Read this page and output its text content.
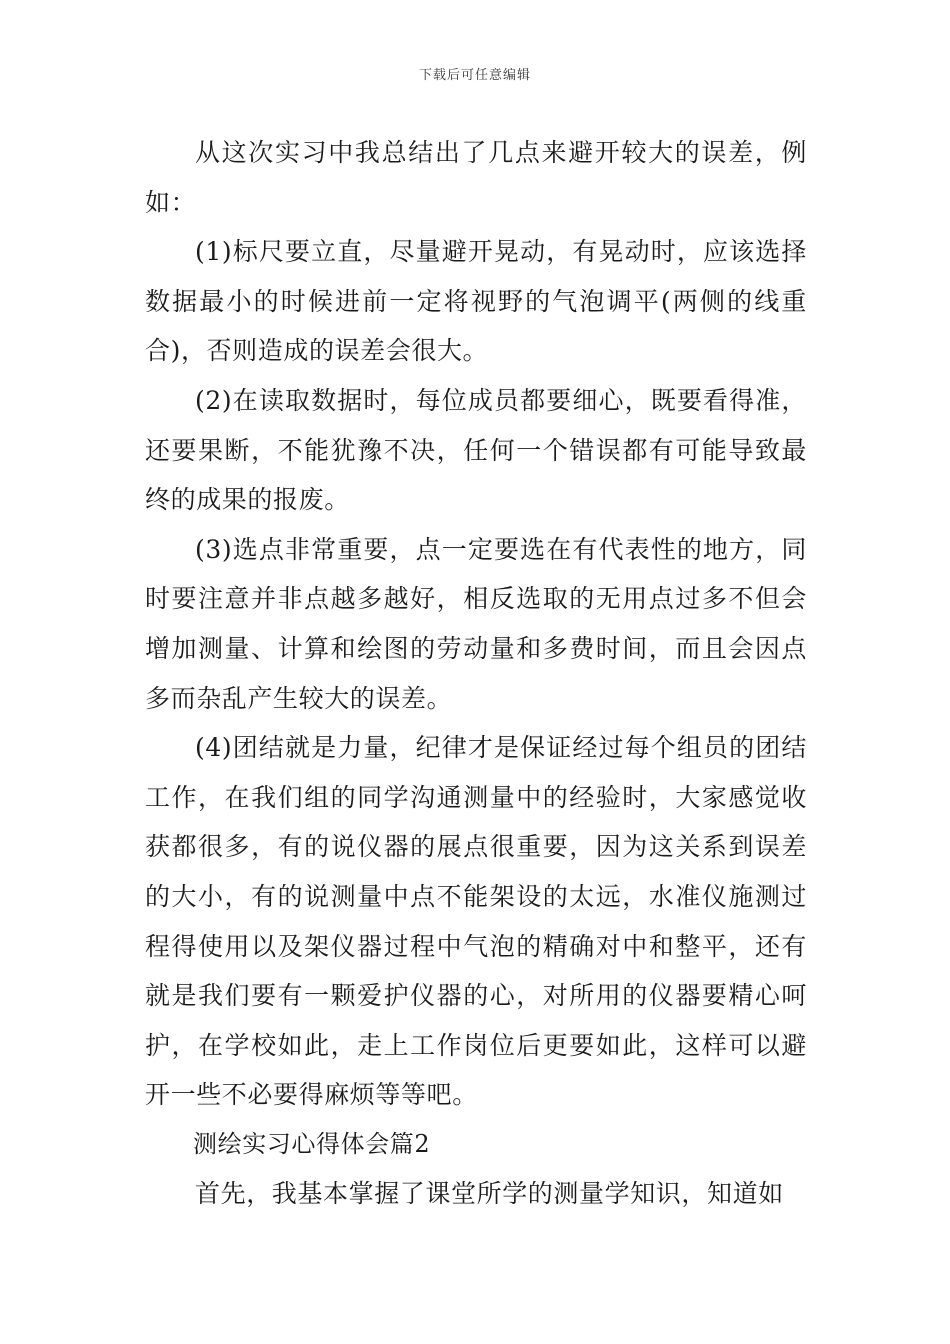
下载后可任意编辑

从这次实习中我总结出了几点来避开较大的误差，例如：

(1)标尺要立直，尽量避开晃动，有晃动时，应该选择数据最小的时候进前一定将视野的气泡调平(两侧的线重合)，否则造成的误差会很大。

(2)在读取数据时，每位成员都要细心，既要看得准，还要果断，不能犹豫不决，任何一个错误都有可能导致最终的成果的报废。

(3)选点非常重要，点一定要选在有代表性的地方，同时要注意并非点越多越好，相反选取的无用点过多不但会增加测量、计算和绘图的劳动量和多费时间，而且会因点多而杂乱产生较大的误差。

(4)团结就是力量，纪律才是保证经过每个组员的团结工作，在我们组的同学沟通测量中的经验时，大家感觉收获都很多，有的说仪器的展点很重要，因为这关系到误差的大小，有的说测量中点不能架设的太远，水准仪施测过程得使用以及架仪器过程中气泡的精确对中和整平，还有就是我们要有一颗爱护仪器的心，对所用的仪器要精心呵护，在学校如此，走上工作岗位后更要如此，这样可以避开一些不必要得麻烦等等吧。

测绘实习心得体会篇2

首先，我基本掌握了课堂所学的测量学知识，知道如
